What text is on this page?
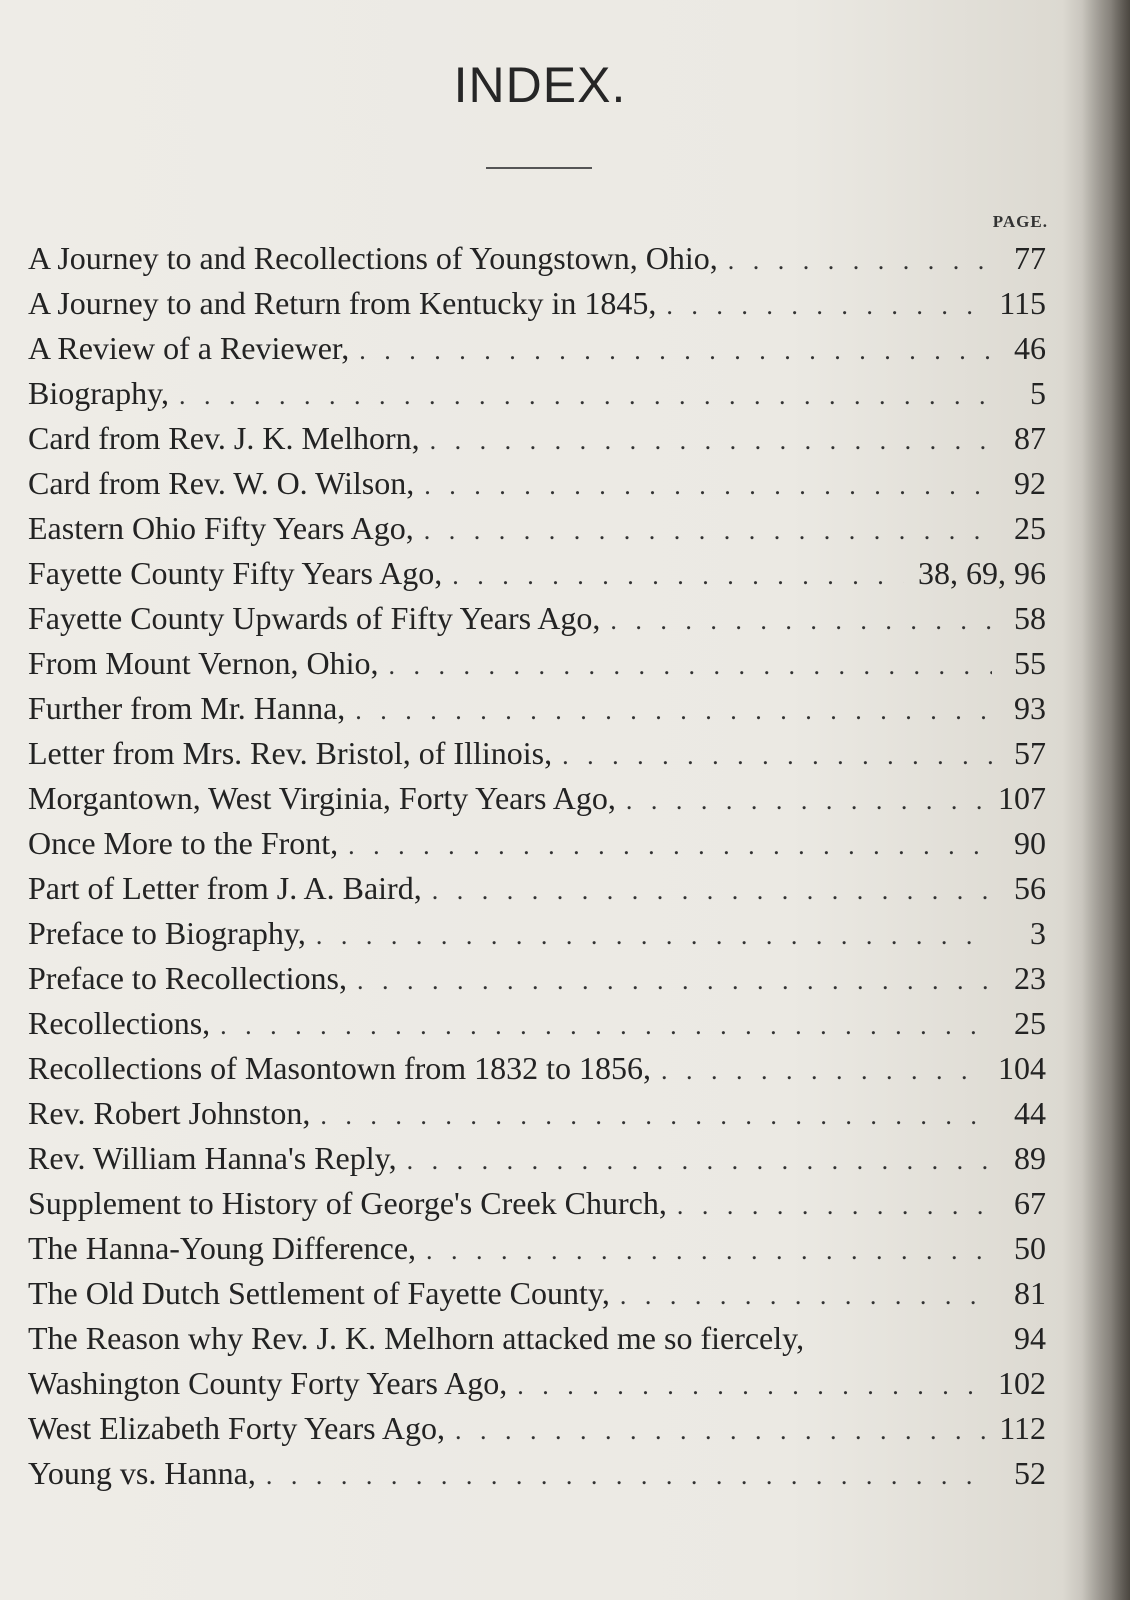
INDEX.
PAGE.
A Journey to and Recollections of Youngstown, Ohio, . . .	77
A Journey to and Return from Kentucky in 1845, . . .	115
A Review of a Reviewer, . . .	46
Biography, . . .	5
Card from Rev. J. K. Melhorn, . . .	87
Card from Rev. W. O. Wilson, . . .	92
Eastern Ohio Fifty Years Ago, . . .	25
Fayette County Fifty Years Ago, . . .	38, 69, 96
Fayette County Upwards of Fifty Years Ago, . . .	58
From Mount Vernon, Ohio, . . .	55
Further from Mr. Hanna, . . .	93
Letter from Mrs. Rev. Bristol, of Illinois, . . .	57
Morgantown, West Virginia, Forty Years Ago, . . .	107
Once More to the Front, . . .	90
Part of Letter from J. A. Baird, . . .	56
Preface to Biography, . . .	3
Preface to Recollections, . . .	23
Recollections, . . .	25
Recollections of Masontown from 1832 to 1856, . . .	104
Rev. Robert Johnston, . . .	44
Rev. William Hanna's Reply, . . .	89
Supplement to History of George's Creek Church, . . .	67
The Hanna-Young Difference, . . .	50
The Old Dutch Settlement of Fayette County, . . .	81
The Reason why Rev. J. K. Melhorn attacked me so fiercely,	94
Washington County Forty Years Ago, . . .	102
West Elizabeth Forty Years Ago, . . .	112
Young vs. Hanna, . . .	52
